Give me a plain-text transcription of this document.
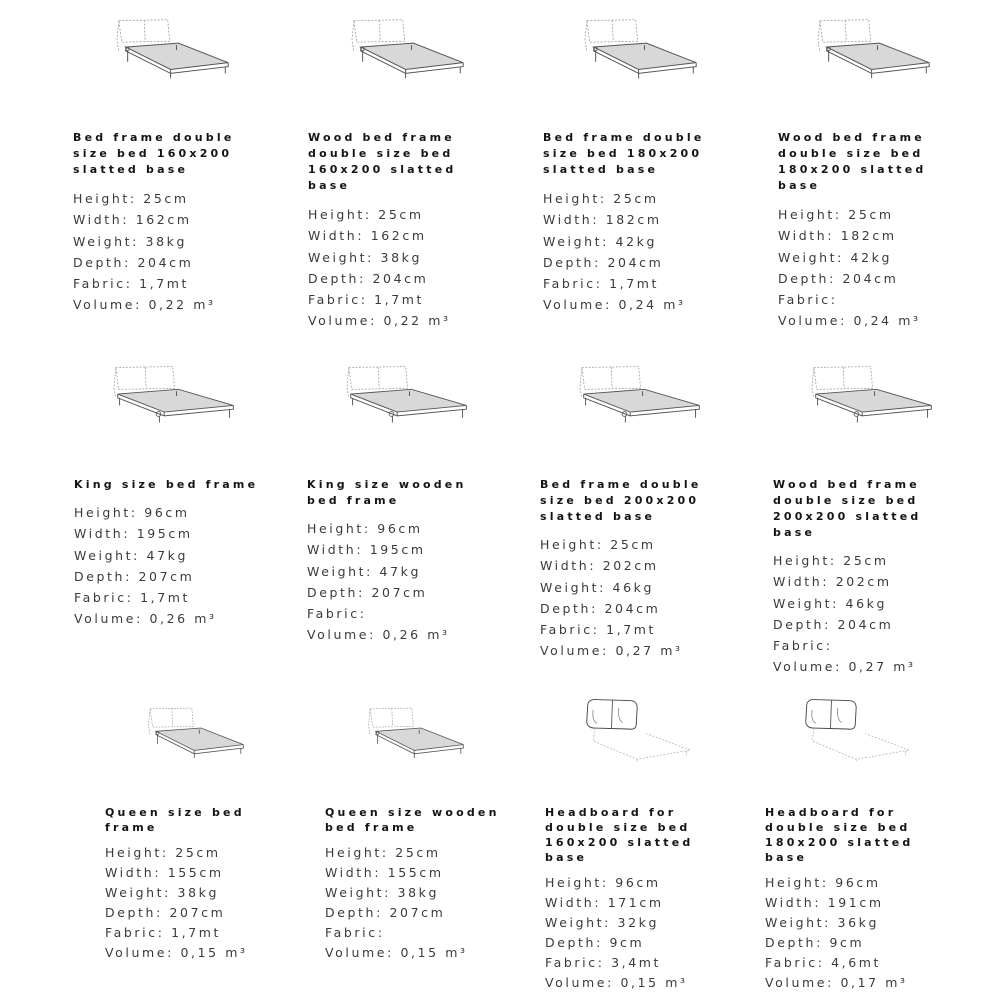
Bed frame double size bed 160x200 slatted base
Height: 25cm
Width: 162cm
Weight: 38kg
Depth: 204cm
Fabric: 1,7mt
Volume: 0,22 m³
Wood bed frame double size bed 160x200 slatted base
Height: 25cm
Width: 162cm
Weight: 38kg
Depth: 204cm
Fabric: 1,7mt
Volume: 0,22 m³
Bed frame double size bed 180x200 slatted base
Height: 25cm
Width: 182cm
Weight: 42kg
Depth: 204cm
Fabric: 1,7mt
Volume: 0,24 m³
Wood bed frame double size bed 180x200 slatted base
Height: 25cm
Width: 182cm
Weight: 42kg
Depth: 204cm
Fabric:
Volume: 0,24 m³
King size bed frame
Height: 96cm
Width: 195cm
Weight: 47kg
Depth: 207cm
Fabric: 1,7mt
Volume: 0,26 m³
King size wooden bed frame
Height: 96cm
Width: 195cm
Weight: 47kg
Depth: 207cm
Fabric:
Volume: 0,26 m³
Bed frame double size bed 200x200 slatted base
Height: 25cm
Width: 202cm
Weight: 46kg
Depth: 204cm
Fabric: 1,7mt
Volume: 0,27 m³
Wood bed frame double size bed 200x200 slatted base
Height: 25cm
Width: 202cm
Weight: 46kg
Depth: 204cm
Fabric:
Volume: 0,27 m³
Queen size bed frame
Height: 25cm
Width: 155cm
Weight: 38kg
Depth: 207cm
Fabric: 1,7mt
Volume: 0,15 m³
Queen size wooden bed frame
Height: 25cm
Width: 155cm
Weight: 38kg
Depth: 207cm
Fabric:
Volume: 0,15 m³
Headboard for double size bed 160x200 slatted base
Height: 96cm
Width: 171cm
Weight: 32kg
Depth: 9cm
Fabric: 3,4mt
Volume: 0,15 m³
Headboard for double size bed 180x200 slatted base
Height: 96cm
Width: 191cm
Weight: 36kg
Depth: 9cm
Fabric: 4,6mt
Volume: 0,17 m³
